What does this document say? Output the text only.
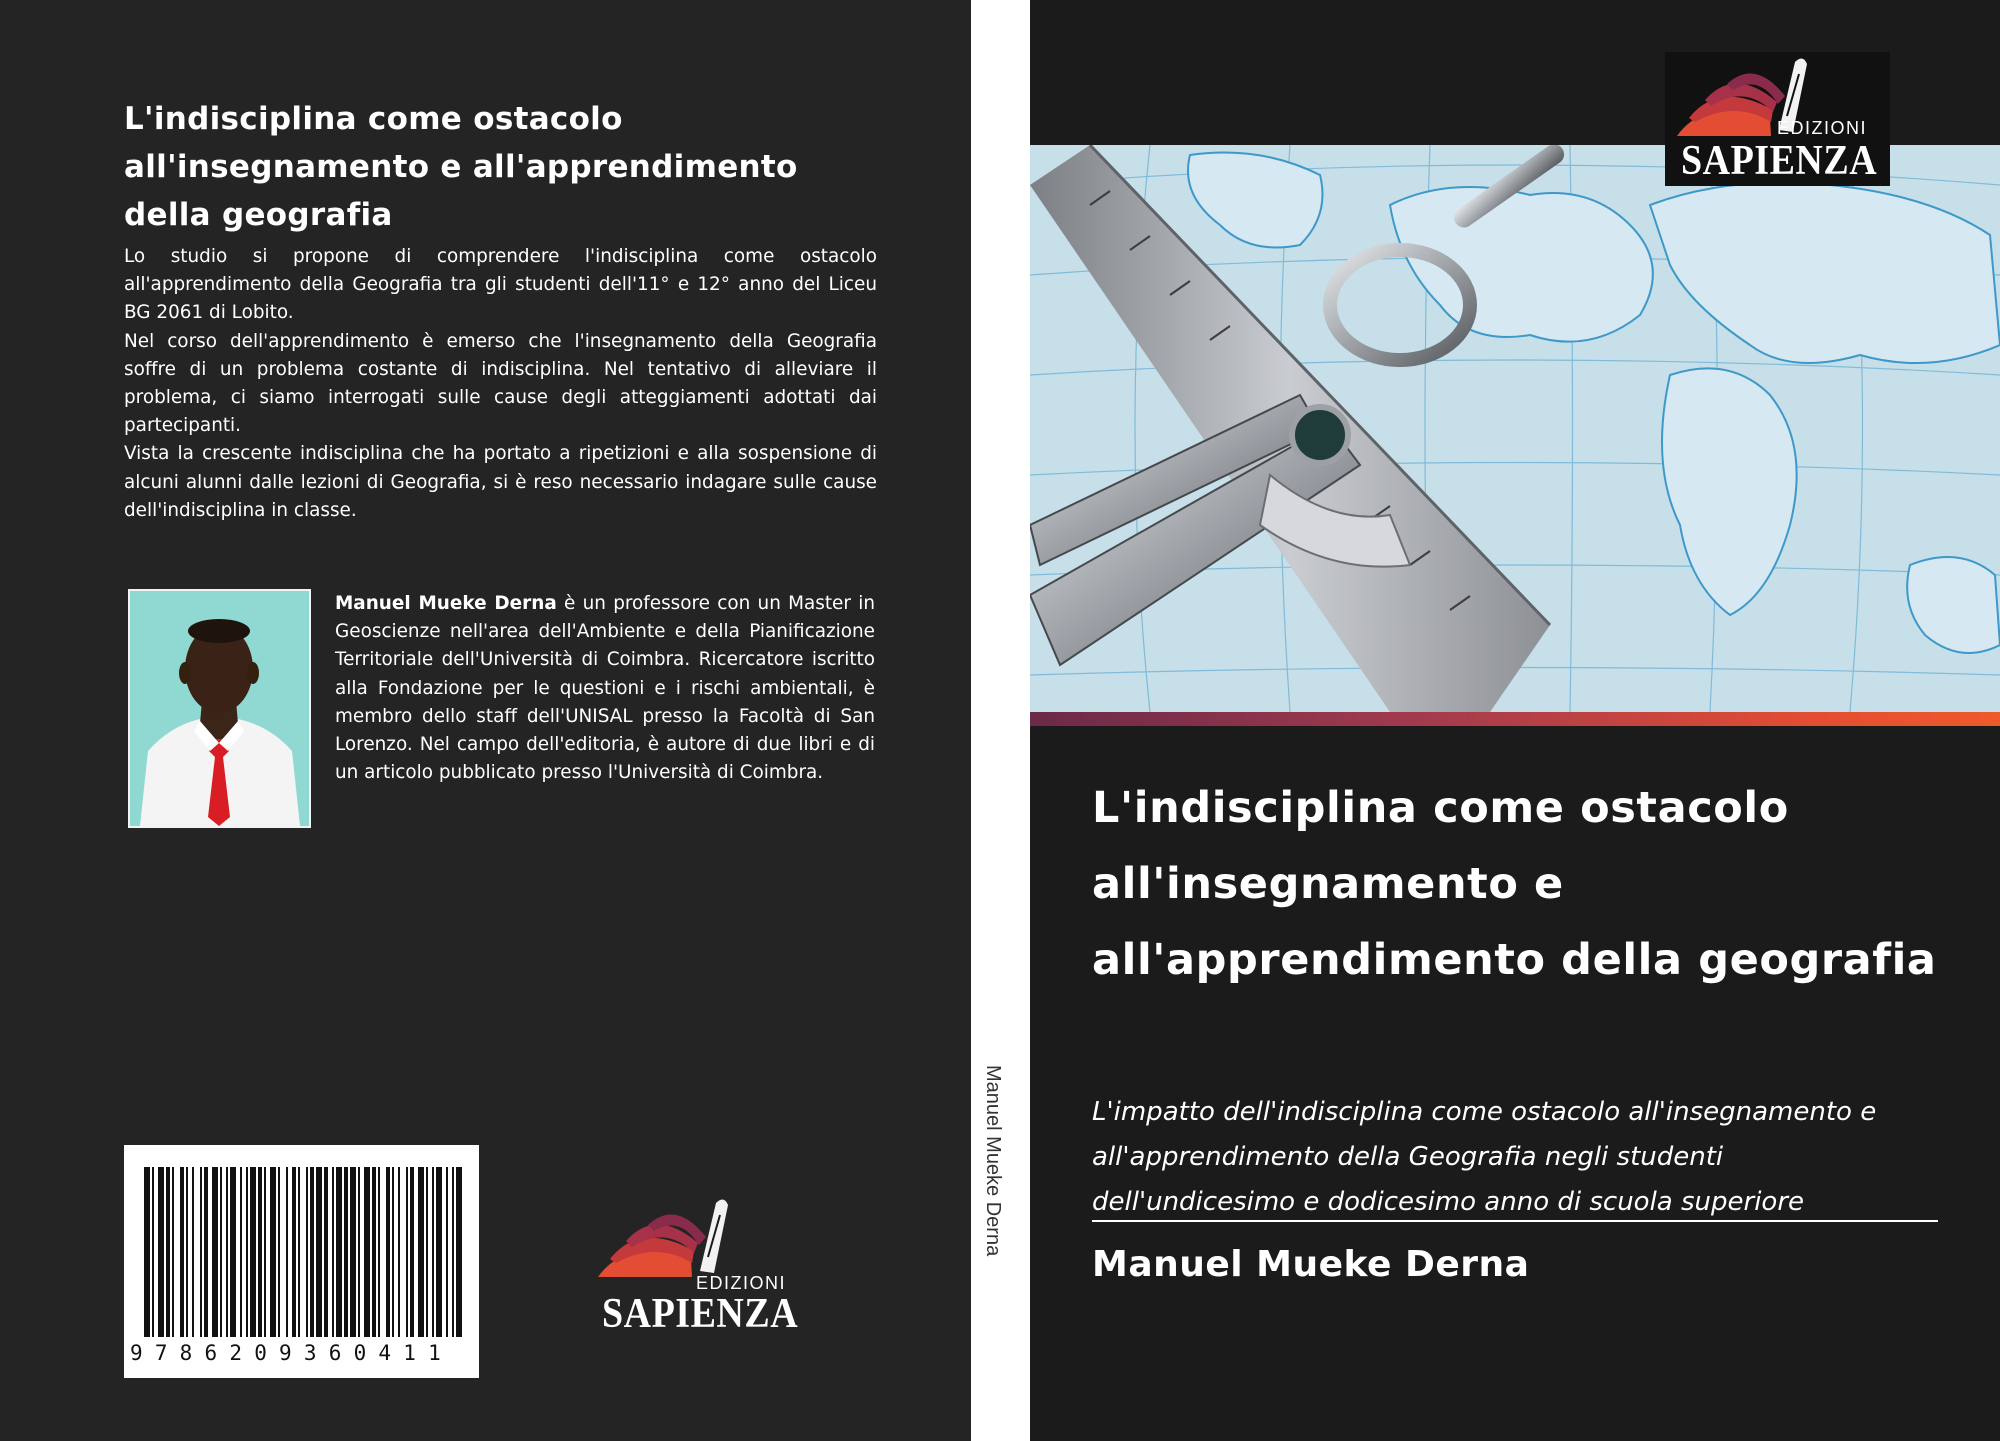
L'indisciplina come ostacolo all'insegnamento e all'apprendimento della geografia

Lo studio si propone di comprendere l'indisciplina come ostacolo all'apprendimento della Geografia tra gli studenti dell'11° e 12° anno del Liceu BG 2061 di Lobito.

Nel corso dell'apprendimento è emerso che l'insegnamento della Geografia soffre di un problema costante di indisciplina. Nel tentativo di alleviare il problema, ci siamo interrogati sulle cause degli atteggiamenti adottati dai partecipanti.

Vista la crescente indisciplina che ha portato a ripetizioni e alla sospensione di alcuni alunni dalle lezioni di Geografia, si è reso necessario indagare sulle cause dell'indisciplina in classe.

Manuel Mueke Derna è un professore con un Master in Geoscienze nell'area dell'Ambiente e della Pianificazione Territoriale dell'Università di Coimbra. Ricercatore iscritto alla Fondazione per le questioni e i rischi ambientali, è membro dello staff dell'UNISAL presso la Facoltà di San Lorenzo. Nel campo dell'editoria, è autore di due libri e di un articolo pubblicato presso l'Università di Coimbra.
9786209360411
EDIZIONI
SAPIENZA
Manuel Mueke Derna
EDIZIONI
SAPIENZA
L'indisciplina come ostacolo all'insegnamento e all'apprendimento della geografia
L'impatto dell'indisciplina come ostacolo all'insegnamento e all'apprendimento della Geografia negli studenti dell'undicesimo e dodicesimo anno di scuola superiore
Manuel Mueke Derna
